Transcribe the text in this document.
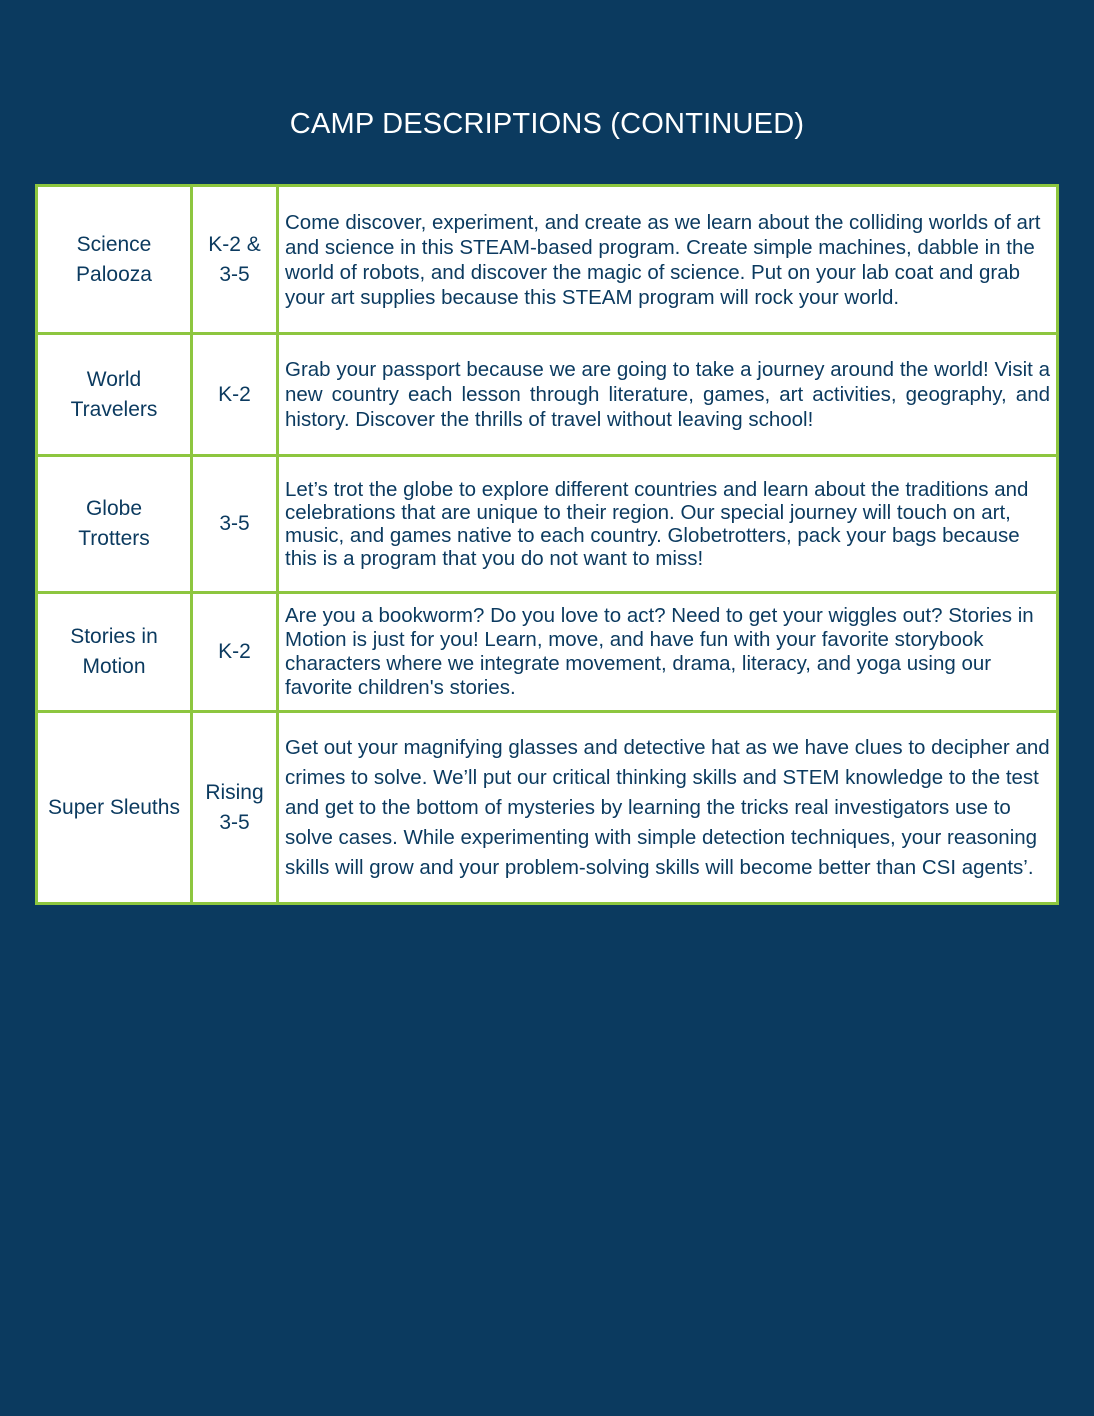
CAMP DESCRIPTIONS (CONTINUED)
Science Palooza	K-2 & 3-5	Come discover, experiment, and create as we learn about the colliding worlds of art and science in this STEAM-based program. Create simple machines, dabble in the world of robots, and discover the magic of science. Put on your lab coat and grab your art supplies because this STEAM program will rock your world.
World Travelers	K-2	Grab your passport because we are going to take a journey around the world! Visit a new country each lesson through literature, games, art activities, geography, and history. Discover the thrills of travel without leaving school!
Globe Trotters	3-5	Let’s trot the globe to explore different countries and learn about the traditions and celebrations that are unique to their region. Our special journey will touch on art, music, and games native to each country. Globetrotters, pack your bags because this is a program that you do not want to miss!
Stories in Motion	K-2	Are you a bookworm? Do you love to act? Need to get your wiggles out? Stories in Motion is just for you! Learn, move, and have fun with your favorite storybook characters where we integrate movement, drama, literacy, and yoga using our favorite children's stories.
Super Sleuths	Rising 3-5	Get out your magnifying glasses and detective hat as we have clues to decipher and crimes to solve. We’ll put our critical thinking skills and STEM knowledge to the test and get to the bottom of mysteries by learning the tricks real investigators use to solve cases. While experimenting with simple detection techniques, your reasoning skills will grow and your problem-solving skills will become better than CSI agents’.
